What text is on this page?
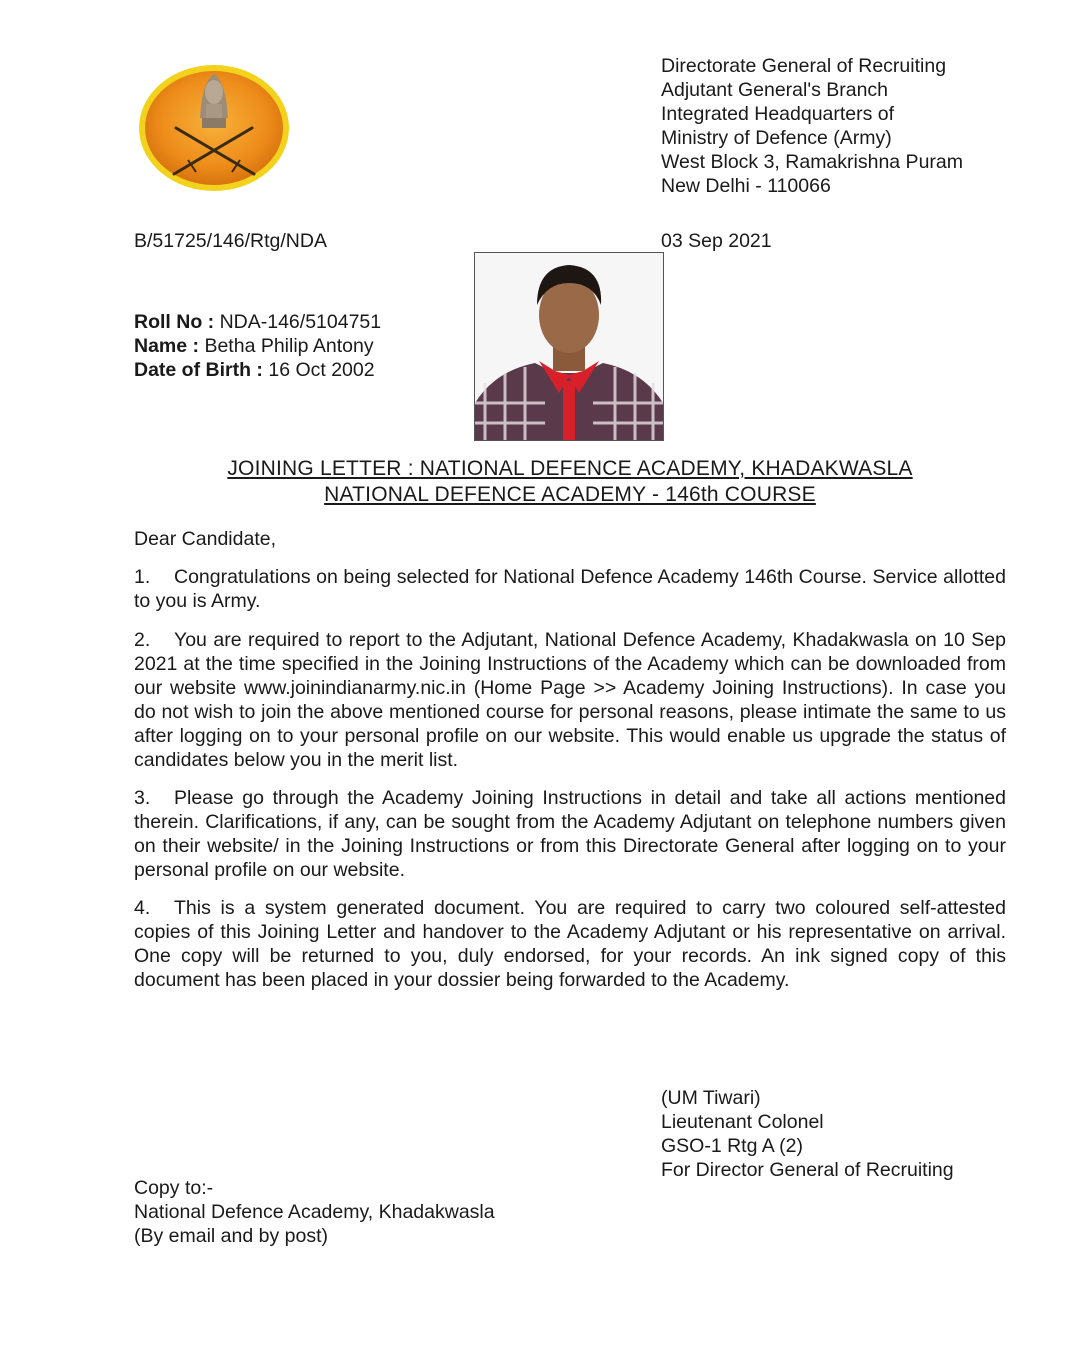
Directorate General of Recruiting
Adjutant General's Branch
Integrated Headquarters of
Ministry of Defence (Army)
West Block 3, Ramakrishna Puram
New Delhi - 110066
B/51725/146/Rtg/NDA	03 Sep 2021
Roll No : NDA-146/5104751
Name : Betha Philip Antony
Date of Birth : 16 Oct 2002
JOINING LETTER : NATIONAL DEFENCE ACADEMY, KHADAKWASLA
NATIONAL DEFENCE ACADEMY - 146th COURSE
Dear Candidate,
1. Congratulations on being selected for National Defence Academy 146th Course. Service allotted to you is Army.
2. You are required to report to the Adjutant, National Defence Academy, Khadakwasla on 10 Sep 2021 at the time specified in the Joining Instructions of the Academy which can be downloaded from our website www.joinindianarmy.nic.in (Home Page >> Academy Joining Instructions). In case you do not wish to join the above mentioned course for personal reasons, please intimate the same to us after logging on to your personal profile on our website. This would enable us upgrade the status of candidates below you in the merit list.
3. Please go through the Academy Joining Instructions in detail and take all actions mentioned therein. Clarifications, if any, can be sought from the Academy Adjutant on telephone numbers given on their website/ in the Joining Instructions or from this Directorate General after logging on to your personal profile on our website.
4. This is a system generated document. You are required to carry two coloured self-attested copies of this Joining Letter and handover to the Academy Adjutant or his representative on arrival. One copy will be returned to you, duly endorsed, for your records. An ink signed copy of this document has been placed in your dossier being forwarded to the Academy.
(UM Tiwari)
Lieutenant Colonel
GSO-1 Rtg A (2)
For Director General of Recruiting
Copy to:-
National Defence Academy, Khadakwasla
(By email and by post)
